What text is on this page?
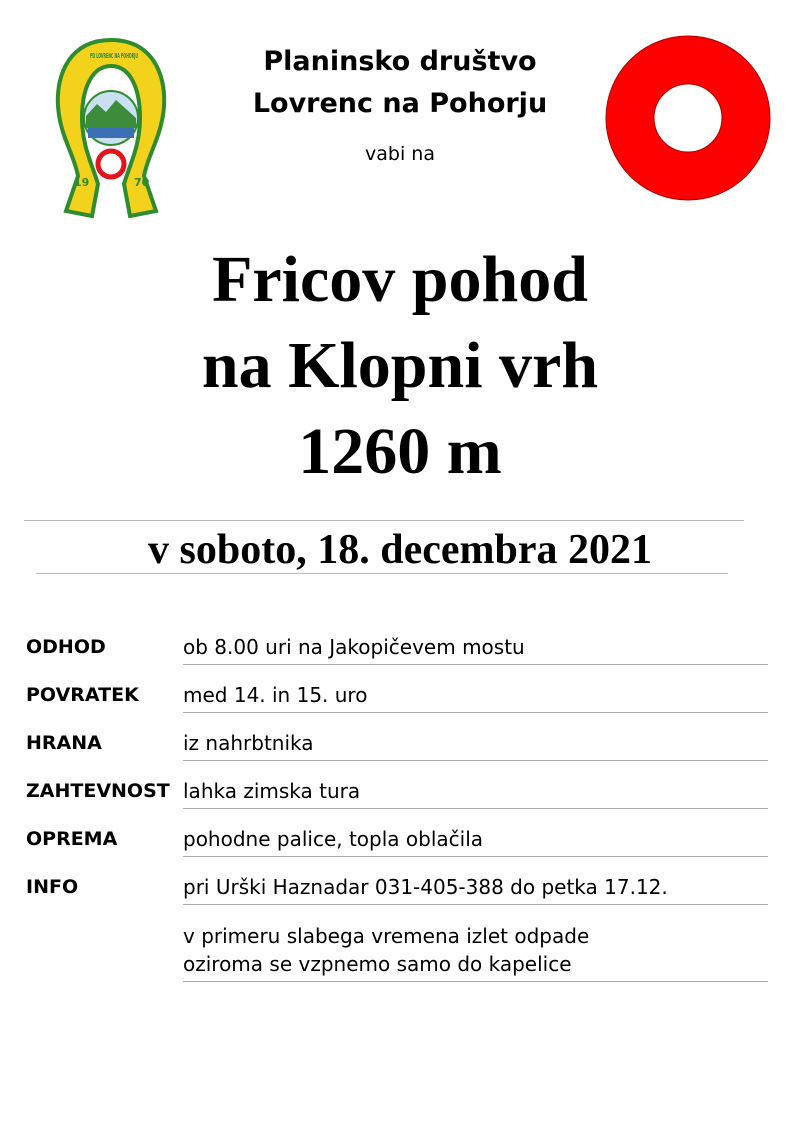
19	70
PD LOVRENC NA POHORJU	Planinsko društvo
Lovrenc na Pohorju
vabi na
Fricov pohod
na Klopni vrh
1260 m
v soboto, 18. decembra 2021
ODHOD	ob 8.00 uri na Jakopičevem mostu
POVRATEK med 14. in 15. uro
HRANA	iz nahrbtnika
ZAHTEVNOST lahka zimska tura
OPREMA	pohodne palice, topla oblačila
INFO	pri Urški Haznadar 031-405-388 do petka 17.12.
v primeru slabega vremena izlet odpade
oziroma se vzpnemo samo do kapelice
